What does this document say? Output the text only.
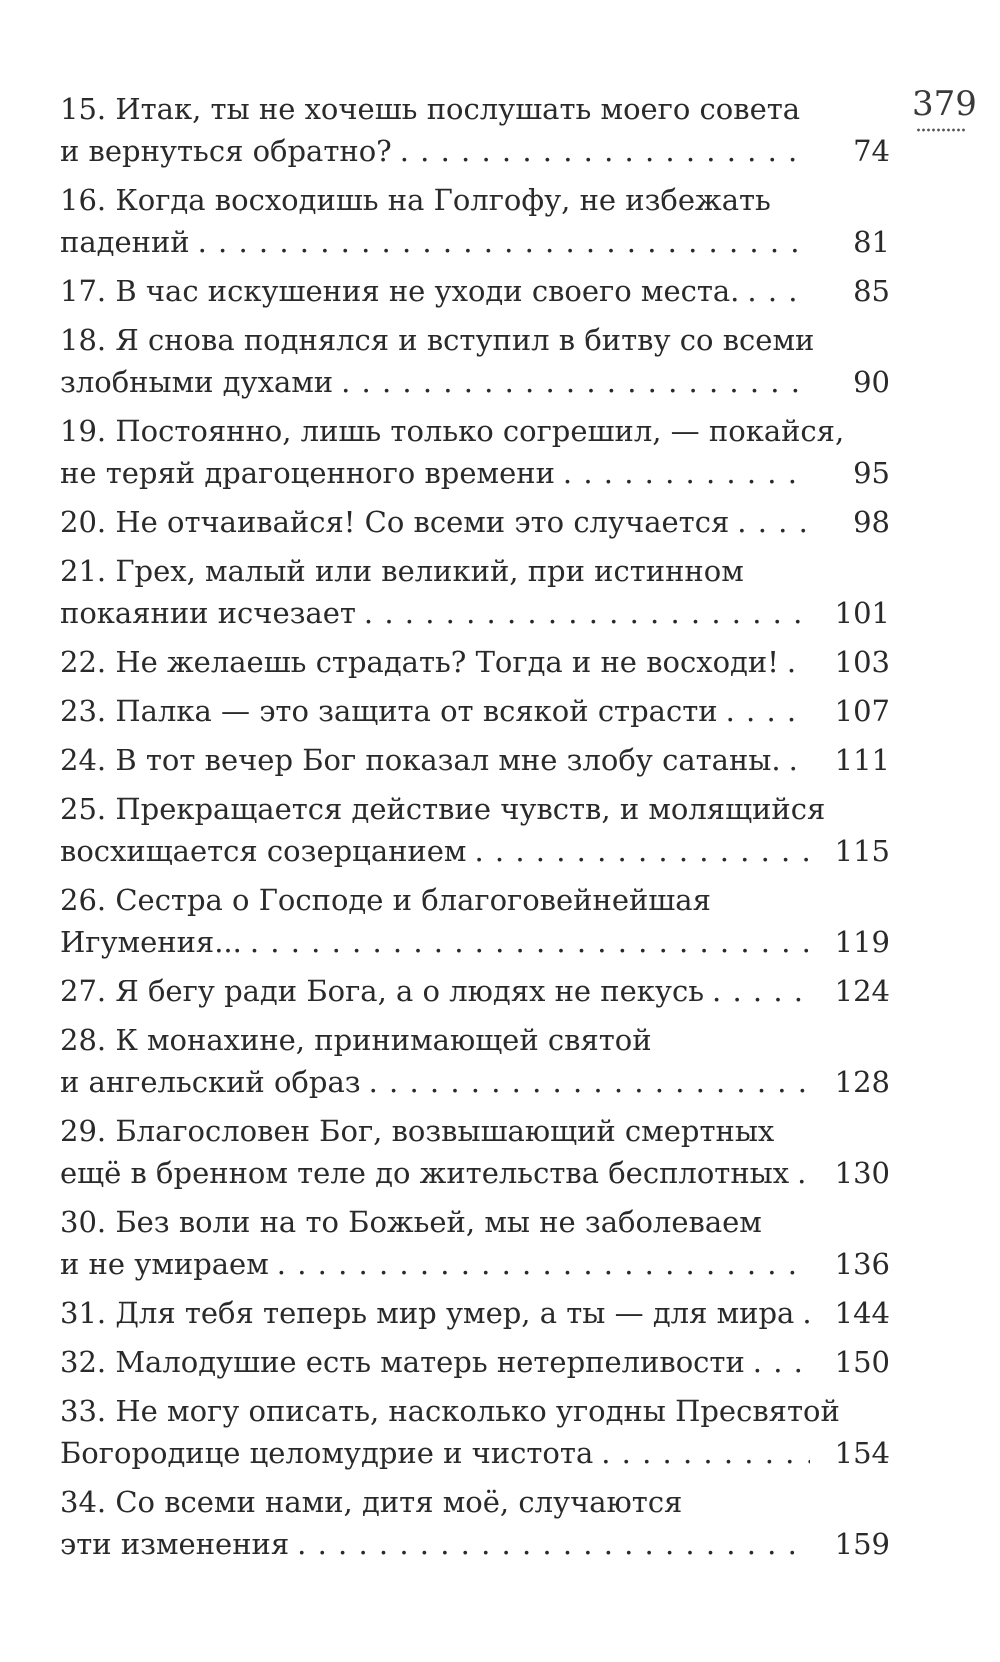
379
15. Итак, ты не хочешь послушать моего совета
и вернуться обратно? . . .	74
16. Когда восходишь на Голгофу, не избежать
падений . . .	81
17. В час искушения не уходи своего места. . . .	85
18. Я снова поднялся и вступил в битву со всеми
злобными духами . . .	90
19. Постоянно, лишь только согрешил, — покайся,
не теряй драгоценного времени . . .	95
20. Не отчаивайся! Со всеми это случается . . .	98
21. Грех, малый или великий, при истинном
покаянии исчезает . . .	101
22. Не желаешь страдать? Тогда и не восходи! . . .	103
23. Палка — это защита от всякой страсти . . .	107
24. В тот вечер Бог показал мне злобу сатаны. . . .	111
25. Прекращается действие чувств, и молящийся
восхищается созерцанием . . .	115
26. Сестра о Господе и благоговейнейшая
Игумения... . . .	119
27. Я бегу ради Бога, а о людях не пекусь . . .	124
28. К монахине, принимающей святой
и ангельский образ . . .	128
29. Благословен Бог, возвышающий смертных
ещё в бренном теле до жительства бесплотных . . .	130
30. Без воли на то Божьей, мы не заболеваем
и не умираем . . .	136
31. Для тебя теперь мир умер, а ты — для мира . . .	144
32. Малодушие есть матерь нетерпеливости . . .	150
33. Не могу описать, насколько угодны Пресвятой
Богородице целомудрие и чистота . . .	154
34. Со всеми нами, дитя моё, случаются
эти изменения . . .	159
